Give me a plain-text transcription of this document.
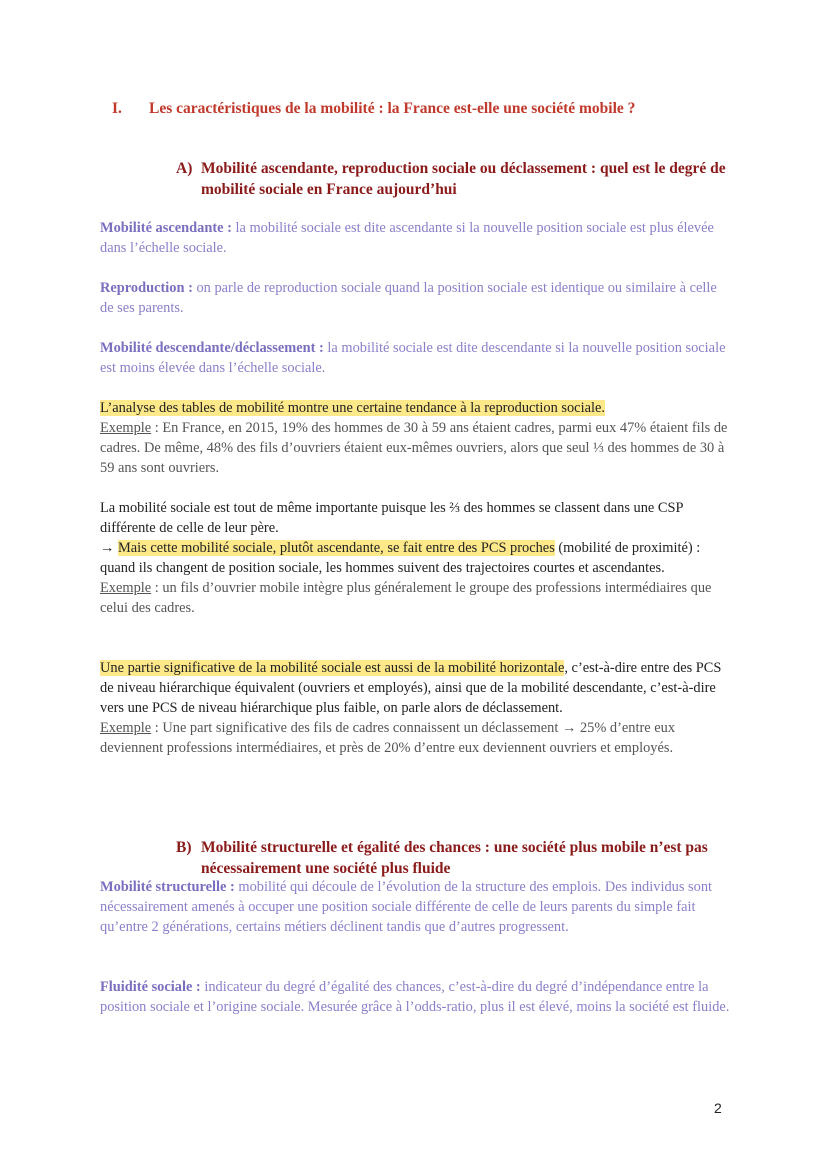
I. Les caractéristiques de la mobilité : la France est-elle une société mobile ?
A) Mobilité ascendante, reproduction sociale ou déclassement : quel est le degré de mobilité sociale en France aujourd’hui
Mobilité ascendante : la mobilité sociale est dite ascendante si la nouvelle position sociale est plus élevée dans l’échelle sociale.
Reproduction : on parle de reproduction sociale quand la position sociale est identique ou similaire à celle de ses parents.
Mobilité descendante/déclassement : la mobilité sociale est dite descendante si la nouvelle position sociale est moins élevée dans l’échelle sociale.
L’analyse des tables de mobilité montre une certaine tendance à la reproduction sociale.
Exemple : En France, en 2015, 19% des hommes de 30 à 59 ans étaient cadres, parmi eux 47% étaient fils de cadres. De même, 48% des fils d’ouvriers étaient eux-mêmes ouvriers, alors que seul ⅓ des hommes de 30 à 59 ans sont ouvriers.
La mobilité sociale est tout de même importante puisque les ⅔ des hommes se classent dans une CSP différente de celle de leur père.
→ Mais cette mobilité sociale, plutôt ascendante, se fait entre des PCS proches (mobilité de proximité) : quand ils changent de position sociale, les hommes suivent des trajectoires courtes et ascendantes.
Exemple : un fils d’ouvrier mobile intègre plus généralement le groupe des professions intermédiaires que celui des cadres.
Une partie significative de la mobilité sociale est aussi de la mobilité horizontale, c’est-à-dire entre des PCS de niveau hiérarchique équivalent (ouvriers et employés), ainsi que de la mobilité descendante, c’est-à-dire vers une PCS de niveau hiérarchique plus faible, on parle alors de déclassement.
Exemple : Une part significative des fils de cadres connaissent un déclassement → 25% d’entre eux deviennent professions intermédiaires, et près de 20% d’entre eux deviennent ouvriers et employés.
B) Mobilité structurelle et égalité des chances : une société plus mobile n’est pas nécessairement une société plus fluide
Mobilité structurelle : mobilité qui découle de l’évolution de la structure des emplois. Des individus sont nécessairement amenés à occuper une position sociale différente de celle de leurs parents du simple fait qu’entre 2 générations, certains métiers déclinent tandis que d’autres progressent.
Fluidité sociale : indicateur du degré d’égalité des chances, c’est-à-dire du degré d’indépendance entre la position sociale et l’origine sociale. Mesurée grâce à l’odds-ratio, plus il est élevé, moins la société est fluide.
2
